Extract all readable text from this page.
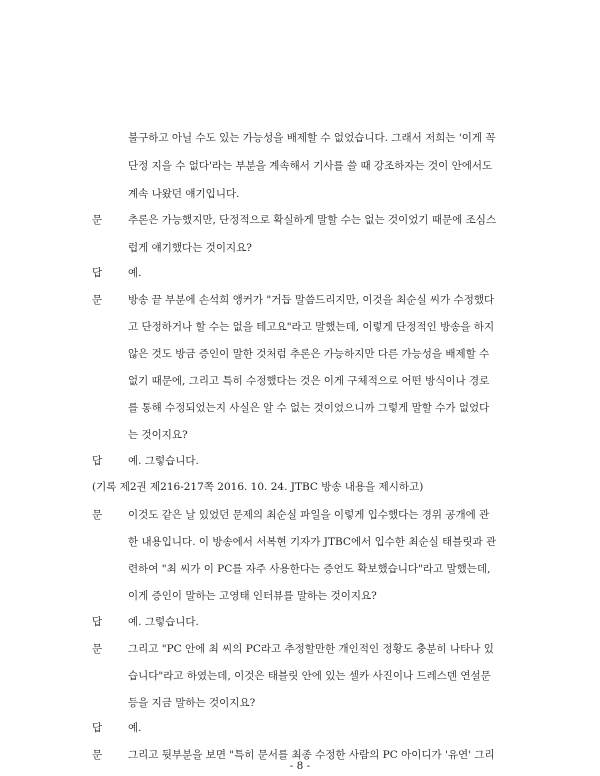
불구하고 아닐 수도 있는 가능성을 배제할 수 없었습니다. 그래서 저희는 '이게 꼭
단정 지을 수 없다'라는 부분을 계속해서 기사를 쓸 때 강조하자는 것이 안에서도
계속 나왔던 얘기입니다.
문 추론은 가능했지만, 단정적으로 확실하게 말할 수는 없는 것이었기 때문에 조심스
럽게 얘기했다는 것이지요?
답 예.
문 방송 끝 부분에 손석희 앵커가 "거듭 말씀드리지만, 이것을 최순실 씨가 수정했다
고 단정하거나 할 수는 없을 테고요"라고 말했는데, 이렇게 단정적인 방송을 하지
않은 것도 방금 증인이 말한 것처럼 추론은 가능하지만 다른 가능성을 배제할 수
없기 때문에, 그리고 특히 수정했다는 것은 이게 구체적으로 어떤 방식이나 경로
를 통해 수정되었는지 사실은 알 수 없는 것이었으니까 그렇게 말할 수가 없었다
는 것이지요?
답 예. 그렇습니다.
(기록 제2권 제216-217쪽 2016. 10. 24. JTBC 방송 내용을 제시하고)
문 이것도 같은 날 있었던 문제의 최순실 파일을 이렇게 입수했다는 경위 공개에 관
한 내용입니다. 이 방송에서 서복현 기자가 JTBC에서 입수한 최순실 태블릿과 관
련하여 "최 씨가 이 PC를 자주 사용한다는 증언도 확보했습니다"라고 말했는데,
이게 증인이 말하는 고영태 인터뷰를 말하는 것이지요?
답 예. 그렇습니다.
문 그리고 "PC 안에 최 씨의 PC라고 추정할만한 개인적인 정황도 충분히 나타나 있
습니다"라고 하였는데, 이것은 태블릿 안에 있는 셀카 사진이나 드레스덴 연설문
등을 지금 말하는 것이지요?
답 예.
문 그리고 뒷부분을 보면 "특히 문서를 최종 수정한 사람의 PC 아이디가 '유연' 그리
- 8 -
